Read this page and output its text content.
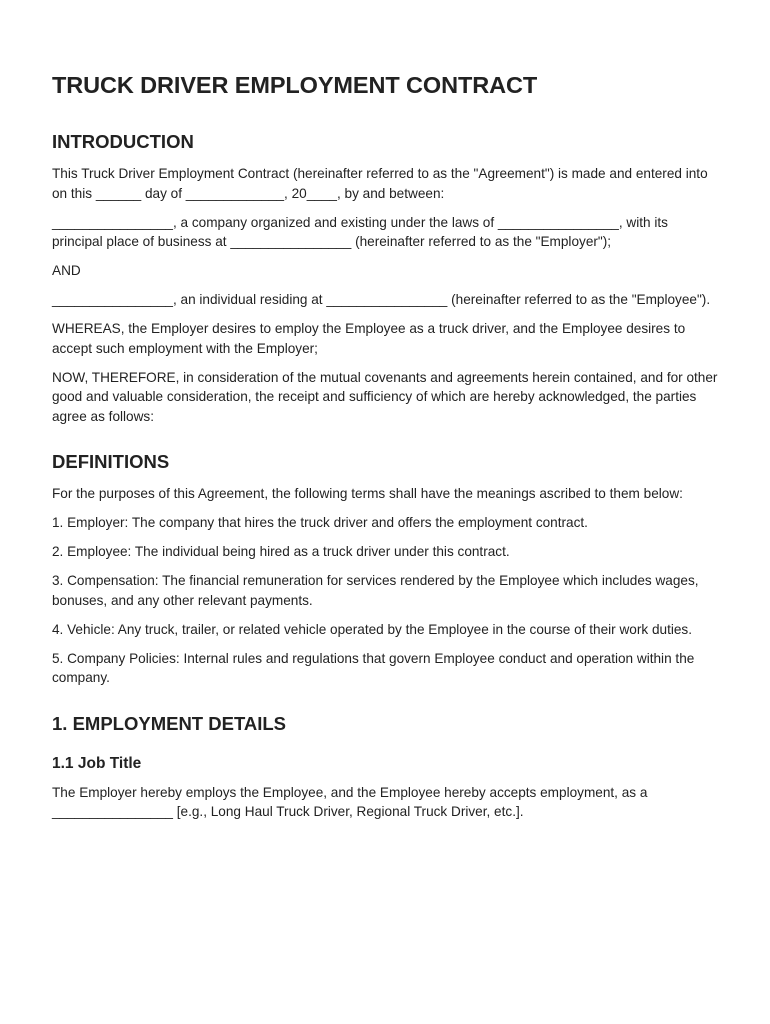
TRUCK DRIVER EMPLOYMENT CONTRACT
INTRODUCTION

This Truck Driver Employment Contract (hereinafter referred to as the "Agreement") is made and entered into on this ______ day of _____________, 20____, by and between:

________________, a company organized and existing under the laws of ________________, with its principal place of business at ________________ (hereinafter referred to as the "Employer");

AND

________________, an individual residing at ________________ (hereinafter referred to as the "Employee").

WHEREAS, the Employer desires to employ the Employee as a truck driver, and the Employee desires to accept such employment with the Employer;

NOW, THEREFORE, in consideration of the mutual covenants and agreements herein contained, and for other good and valuable consideration, the receipt and sufficiency of which are hereby acknowledged, the parties agree as follows:

DEFINITIONS

For the purposes of this Agreement, the following terms shall have the meanings ascribed to them below:

1. Employer: The company that hires the truck driver and offers the employment contract.

2. Employee: The individual being hired as a truck driver under this contract.

3. Compensation: The financial remuneration for services rendered by the Employee which includes wages, bonuses, and any other relevant payments.

4. Vehicle: Any truck, trailer, or related vehicle operated by the Employee in the course of their work duties.

5. Company Policies: Internal rules and regulations that govern Employee conduct and operation within the company.

1. EMPLOYMENT DETAILS
1.1 Job Title

The Employer hereby employs the Employee, and the Employee hereby accepts employment, as a ________________ [e.g., Long Haul Truck Driver, Regional Truck Driver, etc.].
